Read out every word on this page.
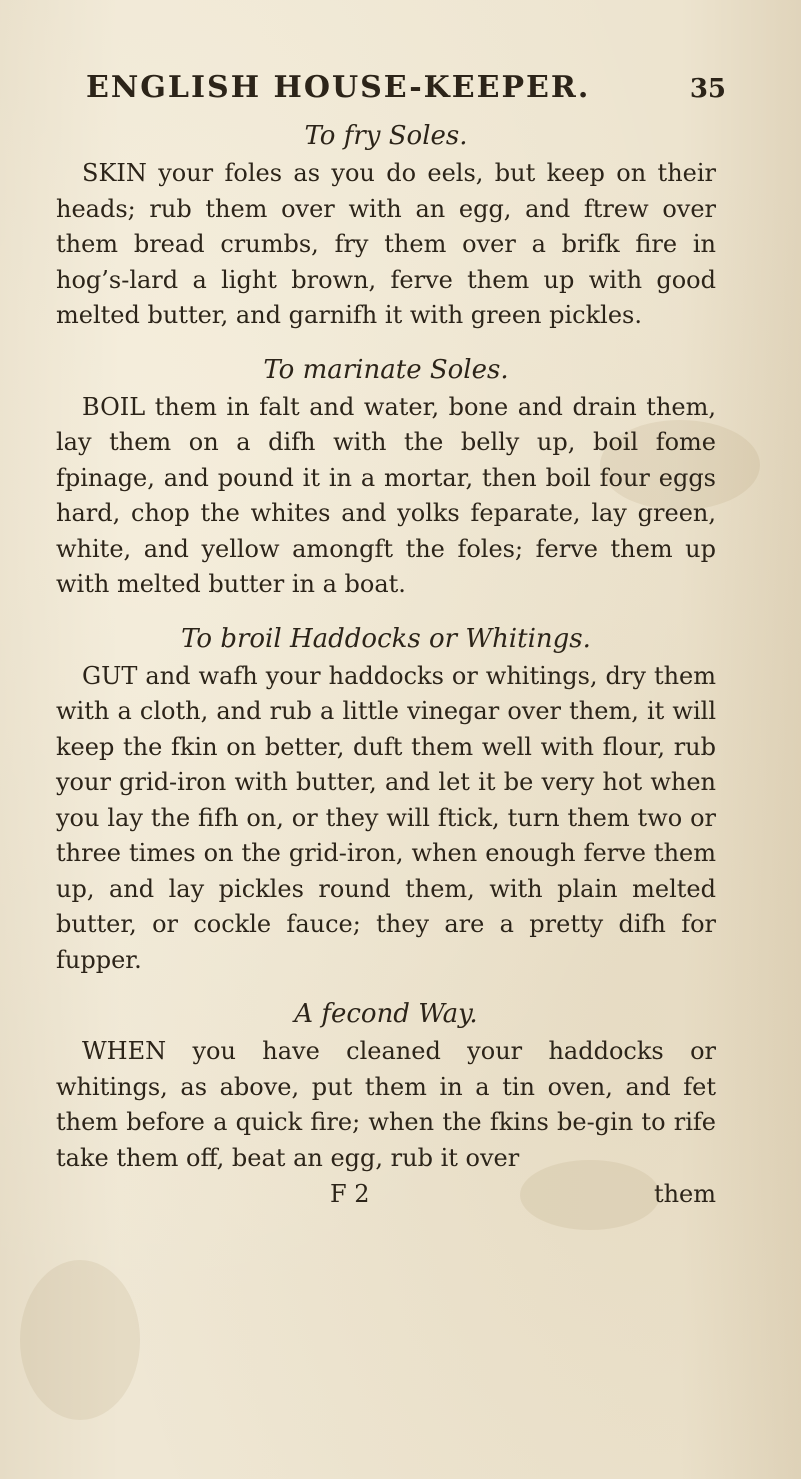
ENGLISH HOUSE-KEEPER.	35
To fry Soles.

SKIN your foles as you do eels, but keep on their heads; rub them over with an egg, and ftrew over them bread crumbs, fry them over a brifk fire in hog’s-lard a light brown, ferve them up with good melted butter, and garnifh it with green pickles.

To marinate Soles.

BOIL them in falt and water, bone and drain them, lay them on a difh with the belly up, boil fome fpinage, and pound it in a mortar, then boil four eggs hard, chop the whites and yolks feparate, lay green, white, and yellow amongft the foles; ferve them up with melted butter in a boat.

To broil Haddocks or Whitings.

GUT and wafh your haddocks or whitings, dry them with a cloth, and rub a little vinegar over them, it will keep the fkin on better, duft them well with flour, rub your grid-iron with butter, and let it be very hot when you lay the fifh on, or they will ftick, turn them two or three times on the grid-iron, when enough ferve them up, and lay pickles round them, with plain melted butter, or cockle fauce; they are a pretty difh for fupper.

A fecond Way.

WHEN you have cleaned your haddocks or whitings, as above, put them in a tin oven, and fet them before a quick fire; when the fkins be-gin to rife take them off, beat an egg, rub it over

F 2	them
